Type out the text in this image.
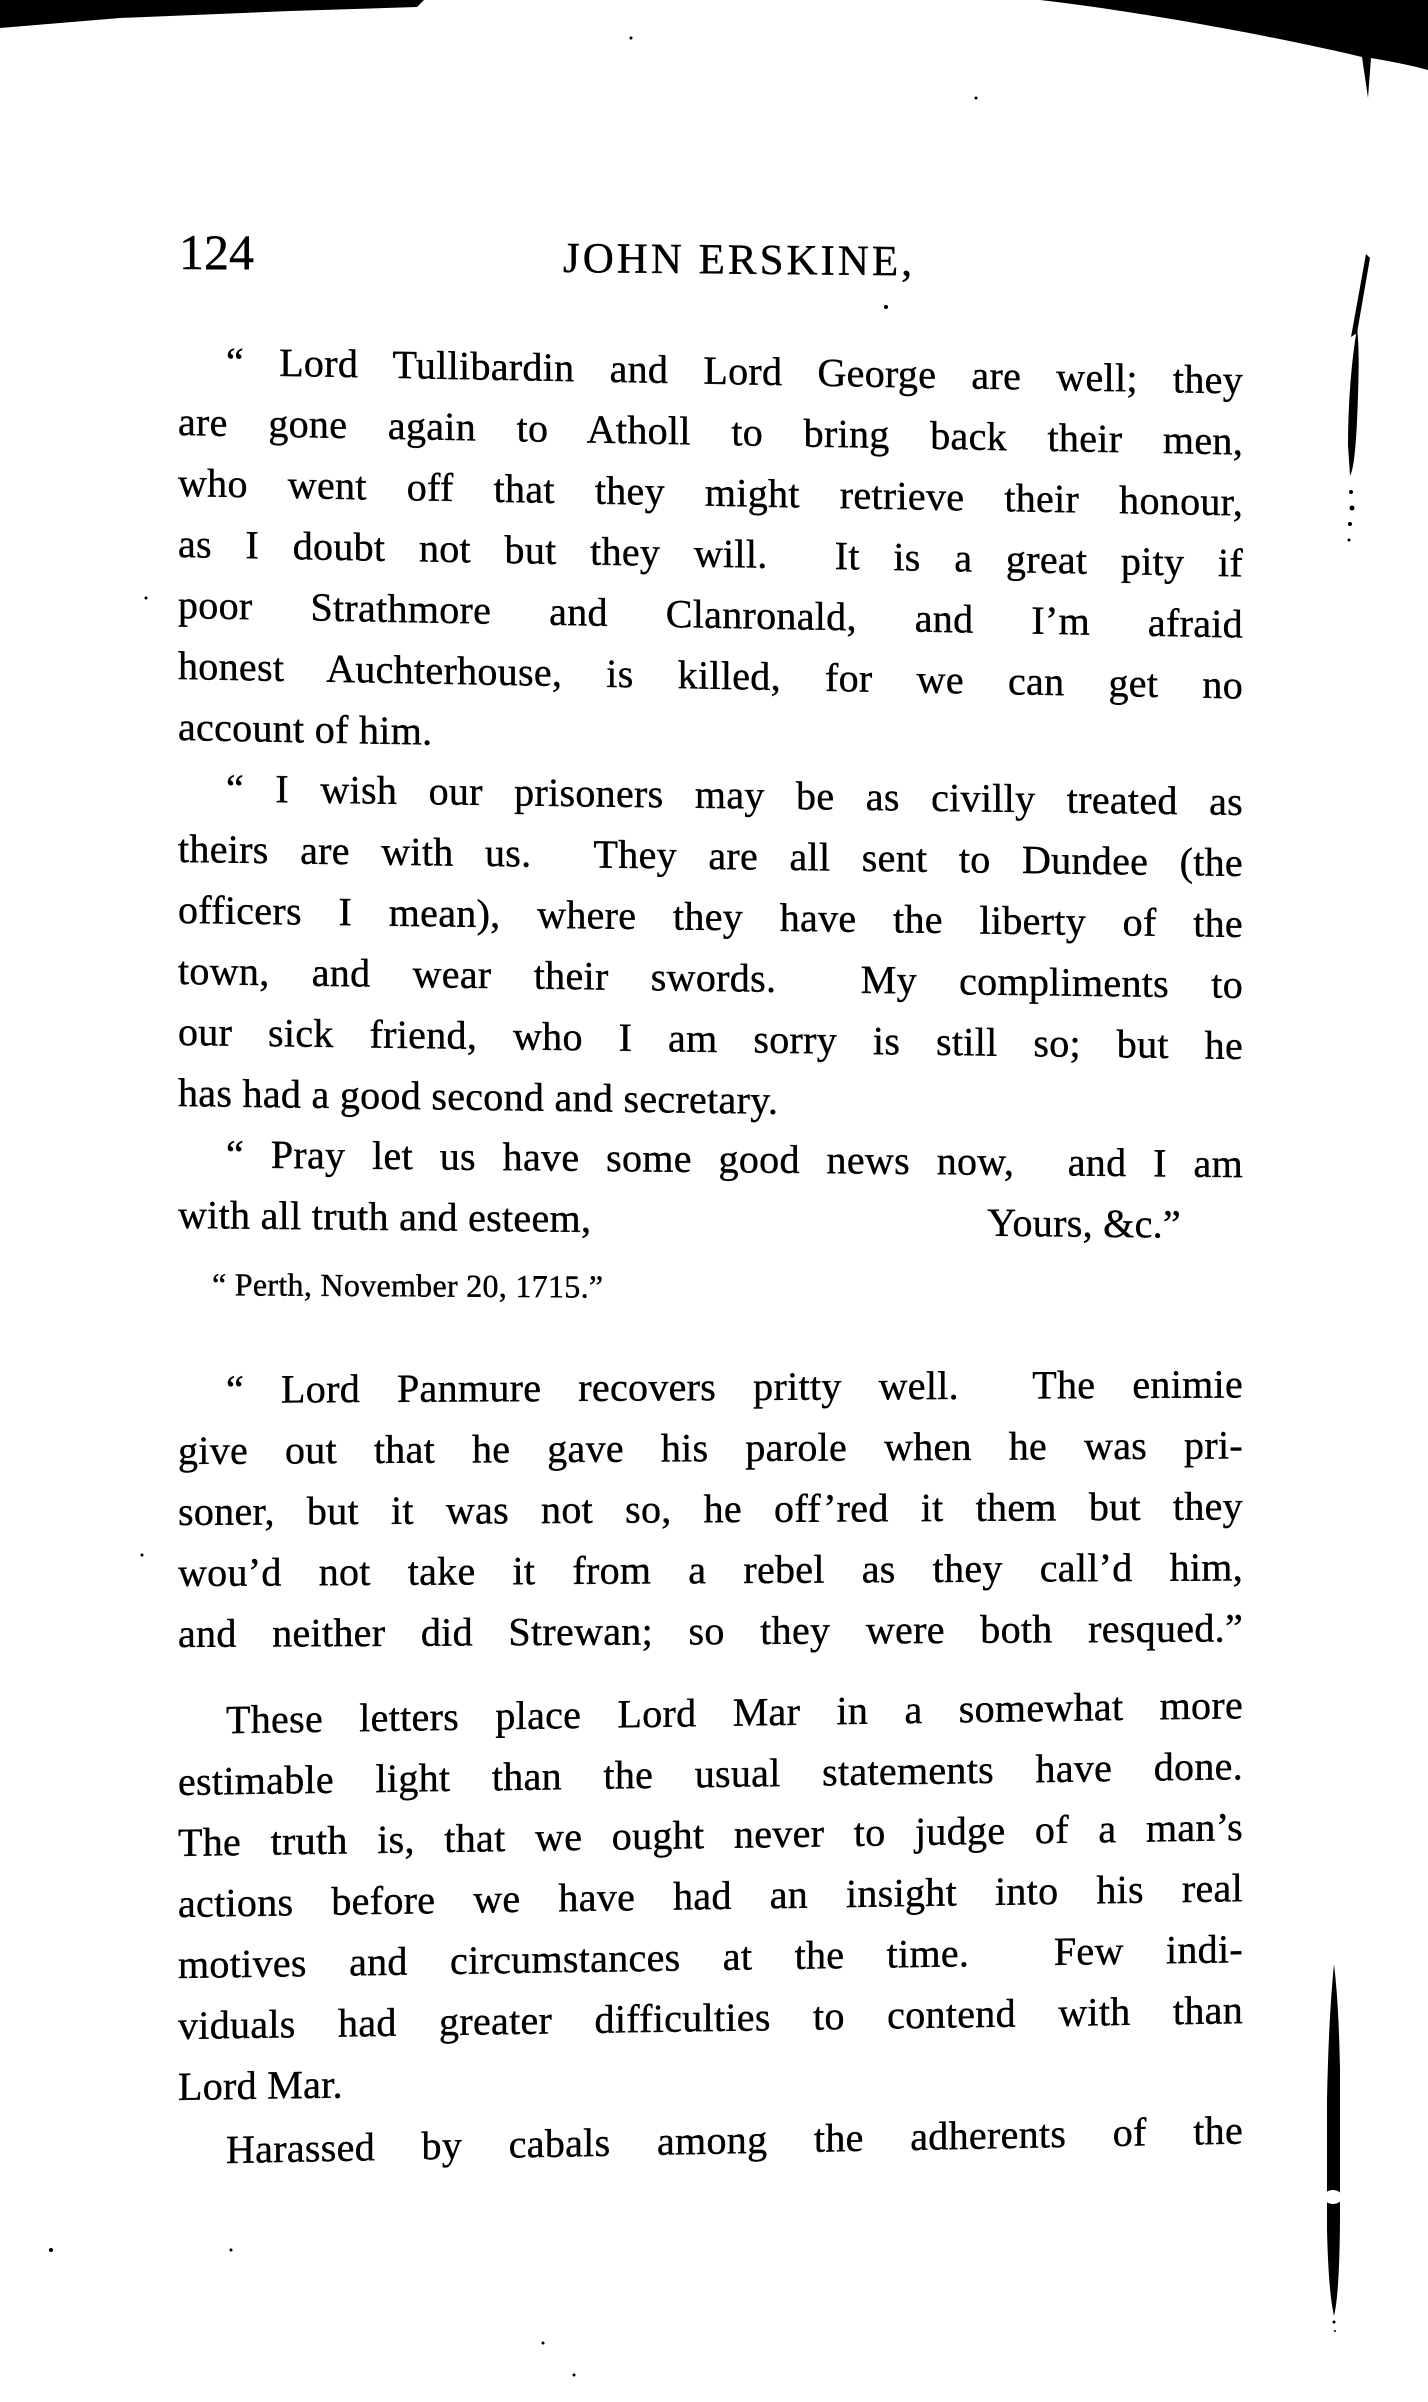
124	JOHN ERSKINE,
“ Lord Tullibardin and Lord George are well; they
are gone again to Atholl to bring back their men,
who went off that they might retrieve their honour,
as I doubt not but they will.  It is a great pity if
poor Strathmore and Clanronald, and I’m afraid
honest Auchterhouse, is killed, for we can get no
account of him.
“ I wish our prisoners may be as civilly treated as
theirs are with us.  They are all sent to Dundee (the
officers I mean), where they have the liberty of the
town, and wear their swords.  My compliments to
our sick friend, who I am sorry is still so; but he
has had a good second and secretary.
“ Pray let us have some good news now,  and I am
with all truth and esteem,	Yours, &c.”
“ Perth, November 20, 1715.”
“ Lord Panmure recovers pritty well.  The enimie
give out that he gave his parole when he was pri-
soner, but it was not so, he off’red it them but they
wou’d not take it from a rebel as they call’d him,
and neither did Strewan; so they were both resqued.”
These letters place Lord Mar in a somewhat more
estimable light than the usual statements have done.
The truth is, that we ought never to judge of a man’s
actions before we have had an insight into his real
motives and circumstances at the time.  Few indi-
viduals had greater difficulties to contend with than
Lord Mar.
Harassed by cabals among the adherents of the
